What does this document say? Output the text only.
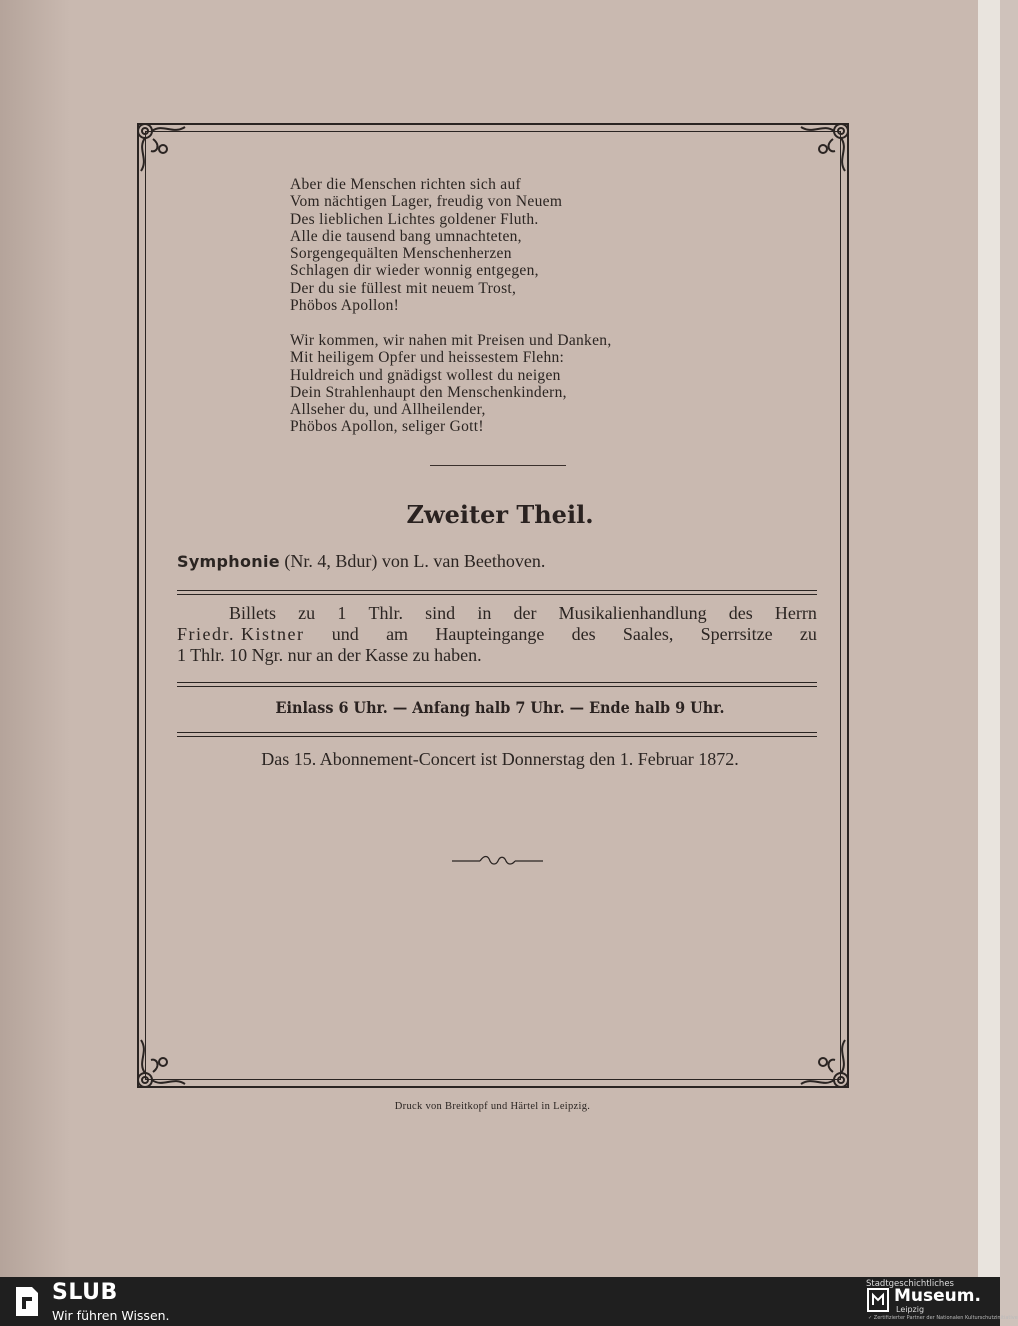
Aber die Menschen richten sich auf
Vom nächtigen Lager, freudig von Neuem
Des lieblichen Lichtes goldener Fluth.
Alle die tausend bang umnachteten,
Sorgengequälten Menschenherzen
Schlagen dir wieder wonnig entgegen,
Der du sie füllest mit neuem Trost,
Phöbos Apollon!
Wir kommen, wir nahen mit Preisen und Danken,
Mit heiligem Opfer und heissestem Flehn:
Huldreich und gnädigst wollest du neigen
Dein Strahlenhaupt den Menschenkindern,
Allseher du, und Allheilender,
Phöbos Apollon, seliger Gott!
Zweiter Theil.
Symphonie (Nr. 4, Bdur) von L. van Beethoven.
Billets zu 1 Thlr. sind in der Musikalienhandlung des Herrn
Friedr. Kistner und am Haupteingange des Saales, Sperrsitze zu
1 Thlr. 10 Ngr. nur an der Kasse zu haben.
Einlass 6 Uhr. — Anfang halb 7 Uhr. — Ende halb 9 Uhr.
Das 15. Abonnement-Concert ist Donnerstag den 1. Februar 1872.
Druck von Breitkopf und Härtel in Leipzig.
SLUB
Wir führen Wissen.
Stadtgeschichtliches
Museum.
Leipzig
✓ Zertifizierter Partner der Nationalen Kulturschutzinitiative
